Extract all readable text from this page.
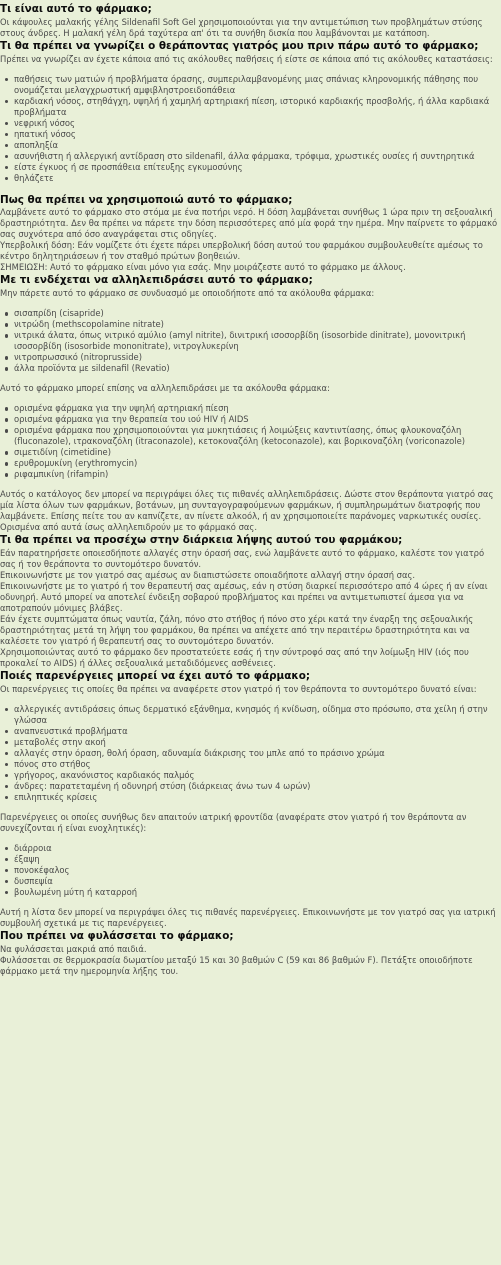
Τι είναι αυτό το φάρμακο;

Οι κάψουλες μαλακής γέλης Sildenafil Soft Gel χρησιμοποιούνται για την αντιμετώπιση των προβλημάτων στύσης στους άνδρες. Η μαλακή γέλη δρά ταχύτερα απ' ότι τα συνήθη δισκία που λαμβάνονται με κατάποση.

Τι θα πρέπει να γνωρίζει ο θεράποντας γιατρός μου πριν πάρω αυτό το φάρμακο;

Πρέπει να γνωρίζει αν έχετε κάποια από τις ακόλουθες παθήσεις ή είστε σε κάποια από τις ακόλουθες καταστάσεις:

παθήσεις των ματιών ή προβλήματα όρασης, συμπεριλαμβανομένης μιας σπάνιας κληρονομικής πάθησης που ονομάζεται μελαγχρωστική αμφιβληστροειδοπάθεια
καρδιακή νόσος, στηθάγχη, υψηλή ή χαμηλή αρτηριακή πίεση, ιστορικό καρδιακής προσβολής, ή άλλα καρδιακά προβλήματα
νεφρική νόσος
ηπατική νόσος
αποπληξία
ασυνήθιστη ή αλλεργική αντίδραση στο sildenafil, άλλα φάρμακα, τρόφιμα, χρωστικές ουσίες ή συντηρητικά
είστε έγκυος ή σε προσπάθεια επίτευξης εγκυμοσύνης
θηλάζετε
Πως θα πρέπει να χρησιμοποιώ αυτό το φάρμακο;
Λαμβάνετε αυτό το φάρμακο στο στόμα με ένα ποτήρι νερό. Η δόση λαμβάνεται συνήθως 1 ώρα πριν τη σεξουαλική δραστηριότητα. Δεν θα πρέπει να πάρετε την δόση περισσότερες από μία φορά την ημέρα. Μην παίρνετε το φάρμακό σας συχνότερα από όσο αναγράφεται στις οδηγίες.
Υπερβολική δόση: Εάν νομίζετε ότι έχετε πάρει υπερβολική δόση αυτού του φαρμάκου συμβουλευθείτε αμέσως το κέντρο δηλητηριάσεων ή τον σταθμό πρώτων βοηθειών.
ΣΗΜΕΙΩΣΗ: Αυτό το φάρμακο είναι μόνο για εσάς. Μην μοιράζεστε αυτό το φάρμακο με άλλους.
Με τι ενδέχεται να αλληλεπιδράσει αυτό το φάρμακο;

Μην πάρετε αυτό το φάρμακο σε συνδυασμό με οποιοδήποτε από τα ακόλουθα φάρμακα:

σισαπρίδη (cisapride)
νιτρώδη (methscopolamine nitrate)
νιτρικά άλατα, όπως νιτρικό αμύλιο (amyl nitrite), δινιτρική ισοσορβίδη (isosorbide dinitrate), μονονιτρική ισοσορβίδη (isosorbide mononitrate), νιτρογλυκερίνη
νιτροπρωσσικό (nitroprusside)
άλλα προϊόντα με sildenafil (Revatio)

Αυτό το φάρμακο μπορεί επίσης να αλληλεπιδράσει με τα ακόλουθα φάρμακα:

ορισμένα φάρμακα για την υψηλή αρτηριακή πίεση
ορισμένα φάρμακα για την θεραπεία του ιού HIV ή AIDS
ορισμένα φάρμακα που χρησιμοποιούνται για μυκητιάσεις ή λοιμώξεις καντιντίασης, όπως φλουκοναζόλη (fluconazole), ιτρακοναζόλη (itraconazole), κετοκοναζόλη (ketoconazole), και βορικοναζόλη (voriconazole)
σιμετιδίνη (cimetidine)
ερυθρομυκίνη (erythromycin)
ριφαμπικίνη (rifampin)

Αυτός ο κατάλογος δεν μπορεί να περιγράψει όλες τις πιθανές αλληλεπιδράσεις. Δώστε στον θεράποντα γιατρό σας μία λίστα όλων των φαρμάκων, βοτάνων, μη συνταγογραφούμενων φαρμάκων, ή συμπληρωμάτων διατροφής που λαμβάνετε. Επίσης πείτε του αν καπνίζετε, αν πίνετε αλκοόλ, ή αν χρησιμοποιείτε παράνομες ναρκωτικές ουσίες. Ορισμένα από αυτά ίσως αλληλεπιδρούν με το φάρμακό σας.

Τι θα πρέπει να προσέχω στην διάρκεια λήψης αυτού του φαρμάκου;
Εάν παρατηρήσετε οποιεσδήποτε αλλαγές στην όρασή σας, ενώ λαμβάνετε αυτό το φάρμακο, καλέστε τον γιατρό σας ή τον θεράποντα το συντομότερο δυνατόν.
Επικοινωνήστε με τον γιατρό σας αμέσως αν διαπιστώσετε οποιαδήποτε αλλαγή στην όρασή σας.
Επικοινωνήστε με το γιατρό ή τον θεραπευτή σας αμέσως, εάν η στύση διαρκεί περισσότερο από 4 ώρες ή αν είναι οδυνηρή. Αυτό μπορεί να αποτελεί ένδειξη σοβαρού προβλήματος και πρέπει να αντιμετωπιστεί άμεσα για να αποτραπούν μόνιμες βλάβες.
Εάν έχετε συμπτώματα όπως ναυτία, ζάλη, πόνο στο στήθος ή πόνο στο χέρι κατά την έναρξη της σεξουαλικής δραστηριότητας μετά τη λήψη του φαρμάκου, θα πρέπει να απέχετε από την περαιτέρω δραστηριότητα και να καλέσετε τον γιατρό ή θεραπευτή σας το συντομότερο δυνατόν.
Χρησιμοποιώντας αυτό το φάρμακο δεν προστατεύετε εσάς ή την σύντροφό σας από την λοίμωξη HIV (ιός που προκαλεί το AIDS) ή άλλες σεξουαλικά μεταδιδόμενες ασθένειες.
Ποιές παρενέργειες μπορεί να έχει αυτό το φάρμακο;

Οι παρενέργειες τις οποίες θα πρέπει να αναφέρετε στον γιατρό ή τον θεράποντα το συντομότερο δυνατό είναι:

αλλεργικές αντιδράσεις όπως δερματικό εξάνθημα, κνησμός ή κνίδωση, οίδημα στο πρόσωπο, στα χείλη ή στην γλώσσα
αναπνευστικά προβλήματα
μεταβολές στην ακοή
αλλαγές στην όραση, θολή όραση, αδυναμία διάκρισης του μπλε από το πράσινο χρώμα
πόνος στο στήθος
γρήγορος, ακανόνιστος καρδιακός παλμός
άνδρες: παρατεταμένη ή οδυνηρή στύση (διάρκειας άνω των 4 ωρών)
επιληπτικές κρίσεις

Παρενέργειες οι οποίες συνήθως δεν απαιτούν ιατρική φροντίδα (αναφέρατε στον γιατρό ή τον θεράποντα αν συνεχίζονται ή είναι ενοχλητικές):

διάρροια
έξαψη
πονοκέφαλος
δυσπεψία
βουλωμένη μύτη ή καταρροή

Αυτή η λίστα δεν μπορεί να περιγράψει όλες τις πιθανές παρενέργειες. Επικοινωνήστε με τον γιατρό σας για ιατρική συμβουλή σχετικά με τις παρενέργειες.

Που πρέπει να φυλάσσεται το φάρμακο;
Να φυλάσσεται μακριά από παιδιά.
Φυλάσσεται σε θερμοκρασία δωματίου μεταξύ 15 και 30 βαθμών C (59 και 86 βαθμών F). Πετάξτε οποιοδήποτε φάρμακο μετά την ημερομηνία λήξης του.
